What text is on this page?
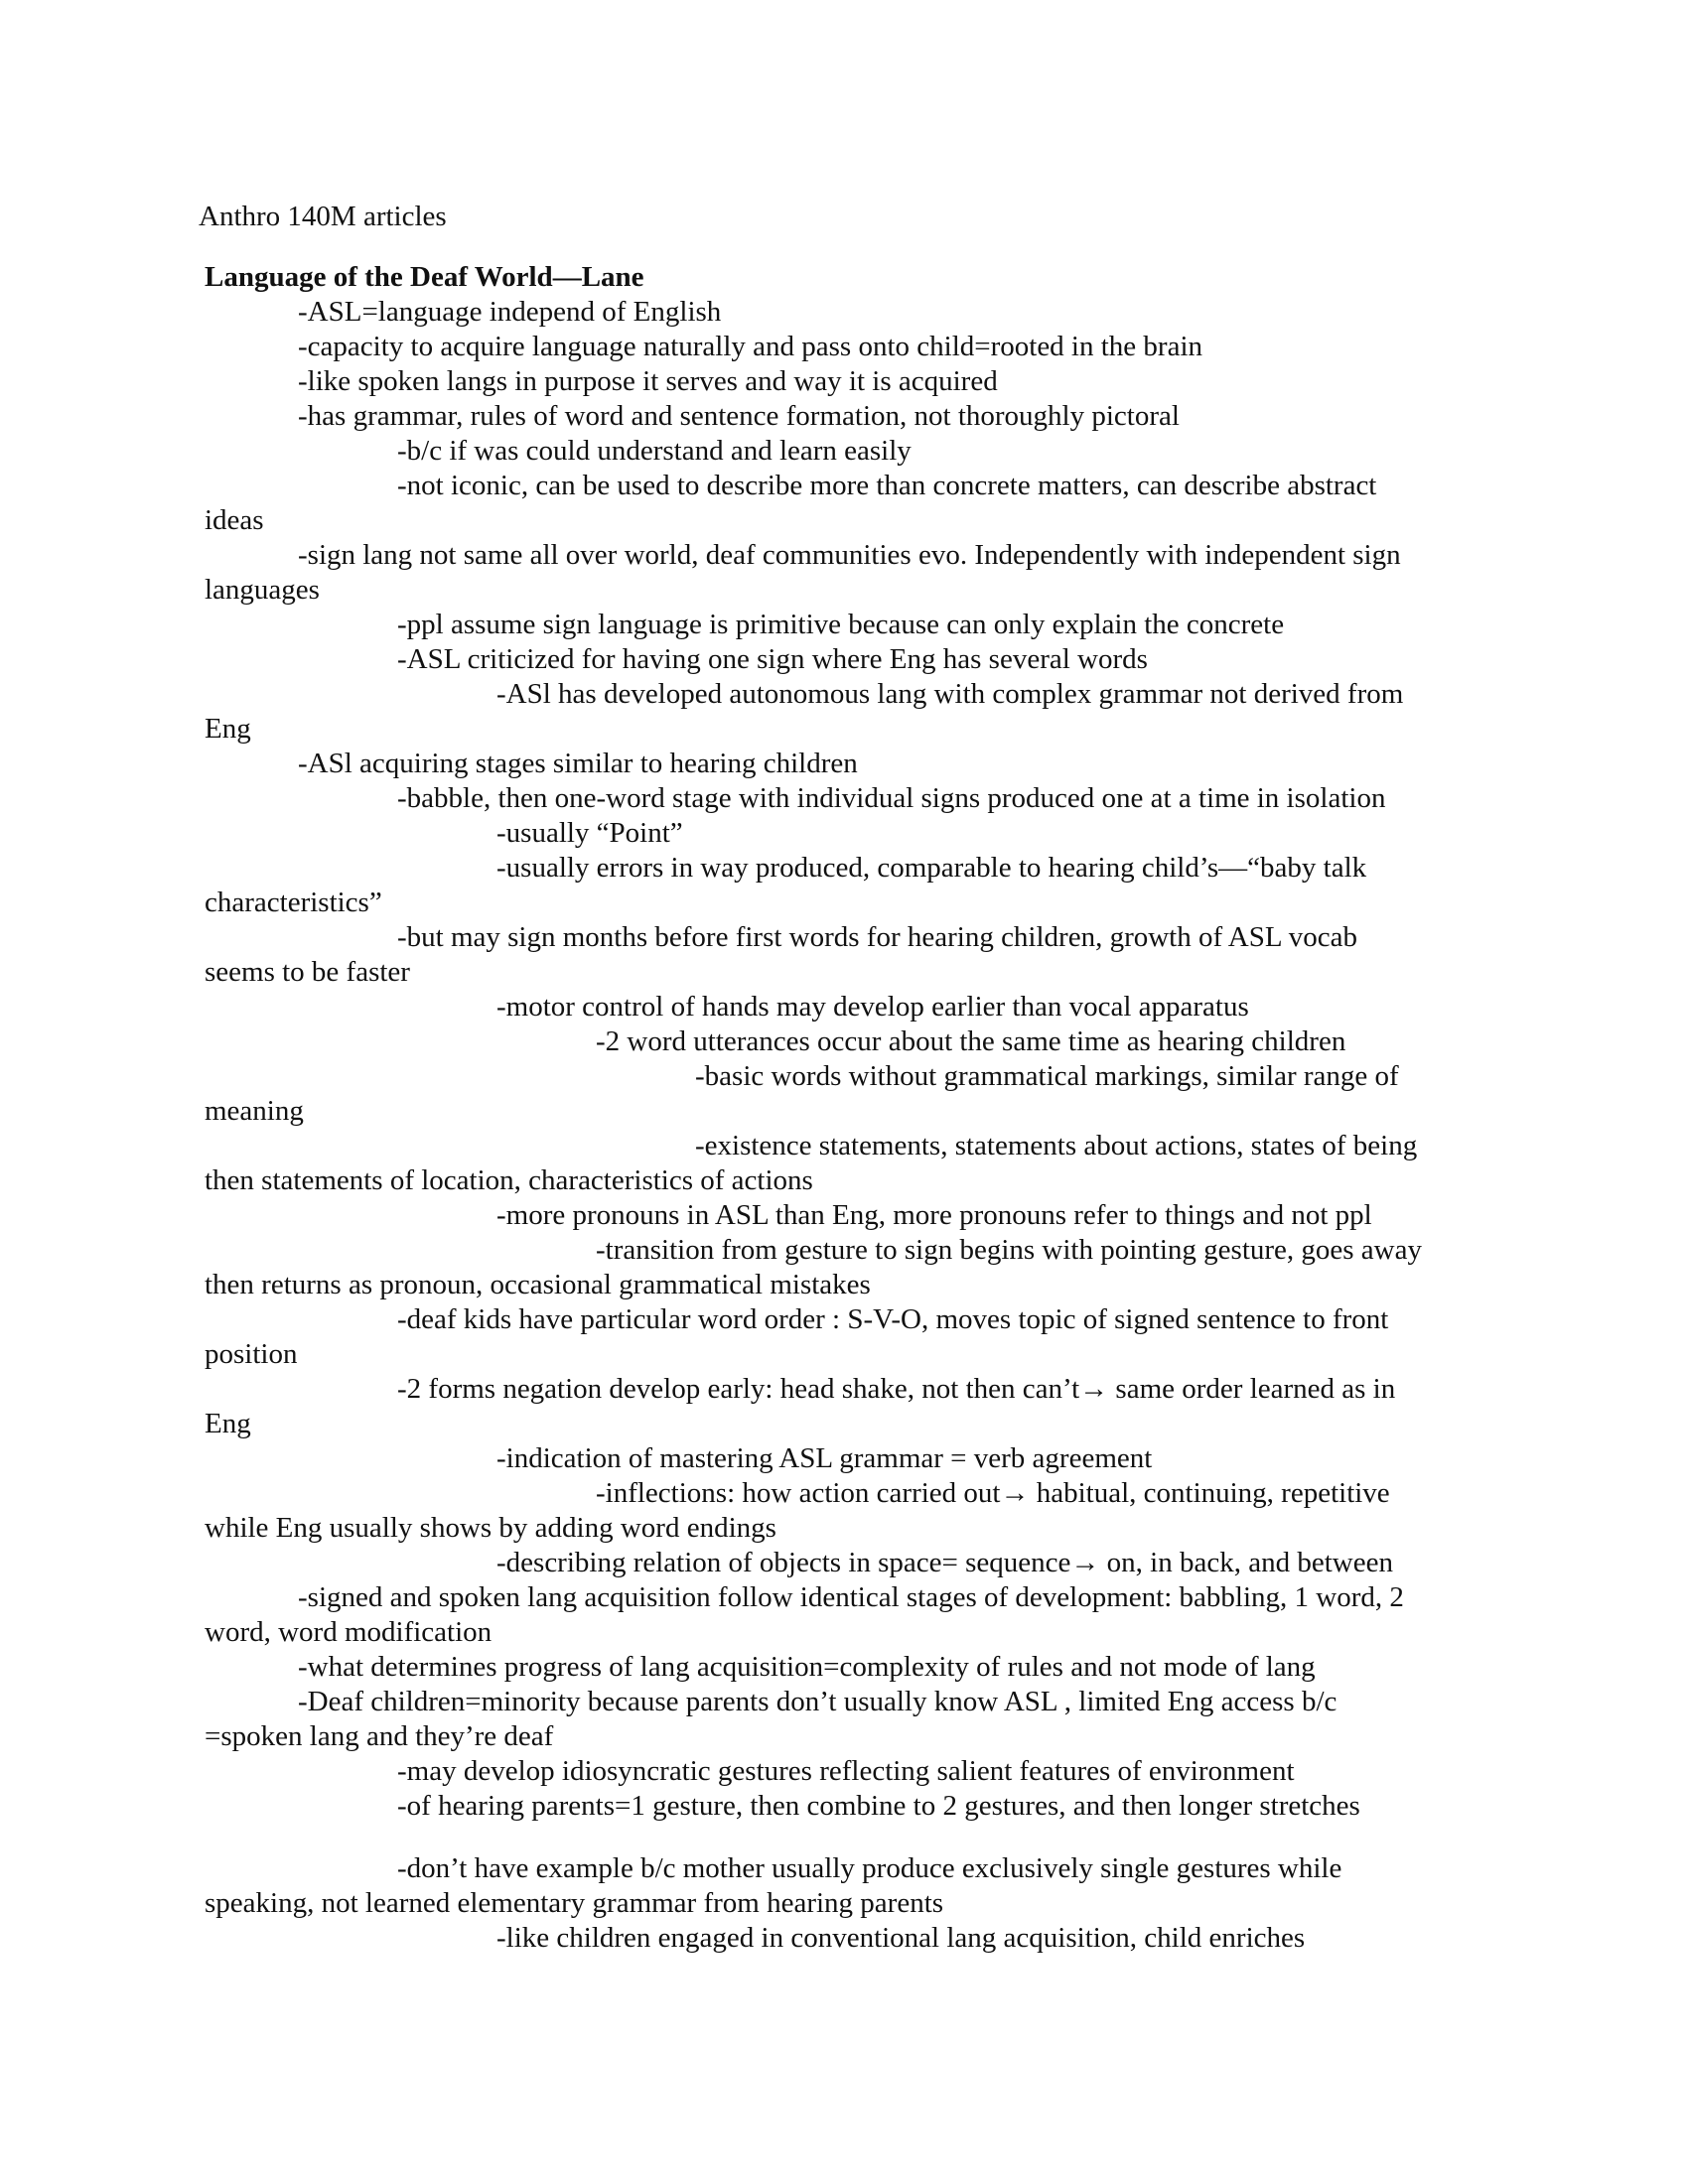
Anthro 140M articles
Language of the Deaf World—Lane
-ASL=language independ of English
-capacity to acquire language naturally and pass onto child=rooted in the brain
-like spoken langs in purpose it serves and way it is acquired
-has grammar, rules of word and sentence formation, not thoroughly pictoral
-b/c if was could understand and learn easily
-not iconic, can be used to describe more than concrete matters, can describe abstract
ideas
-sign lang not same all over world, deaf communities evo. Independently with independent sign
languages
-ppl assume sign language is primitive because can only explain the concrete
-ASL criticized for having one sign where Eng has several words
-ASl has developed autonomous lang with complex grammar not derived from
Eng
-ASl acquiring stages similar to hearing children
-babble, then one-word stage with individual signs produced one at a time in isolation
-usually “Point”
-usually errors in way produced, comparable to hearing child’s—“baby talk
characteristics”
-but may sign months before first words for hearing children, growth of ASL vocab
seems to be faster
-motor control of hands may develop earlier than vocal apparatus
-2 word utterances occur about the same time as hearing children
-basic words without grammatical markings, similar range of
meaning
-existence statements, statements about actions, states of being
then statements of location, characteristics of actions
-more pronouns in ASL than Eng, more pronouns refer to things and not ppl
-transition from gesture to sign begins with pointing gesture, goes away
then returns as pronoun, occasional grammatical mistakes
-deaf kids have particular word order : S-V-O, moves topic of signed sentence to front
position
-2 forms negation develop early: head shake, not then can’t→ same order learned as in
Eng
-indication of mastering ASL grammar = verb agreement
-inflections: how action carried out→ habitual, continuing, repetitive
while Eng usually shows by adding word endings
-describing relation of objects in space= sequence→ on, in back, and between
-signed and spoken lang acquisition follow identical stages of development: babbling, 1 word, 2
word, word modification
-what determines progress of lang acquisition=complexity of rules and not mode of lang
-Deaf children=minority because parents don’t usually know ASL , limited Eng access b/c
=spoken lang and they’re deaf
-may develop idiosyncratic gestures reflecting salient features of environment
-of hearing parents=1 gesture, then combine to 2 gestures, and then longer stretches
-don’t have example b/c mother usually produce exclusively single gestures while
speaking, not learned elementary grammar from hearing parents
-like children engaged in conventional lang acquisition, child enriches
